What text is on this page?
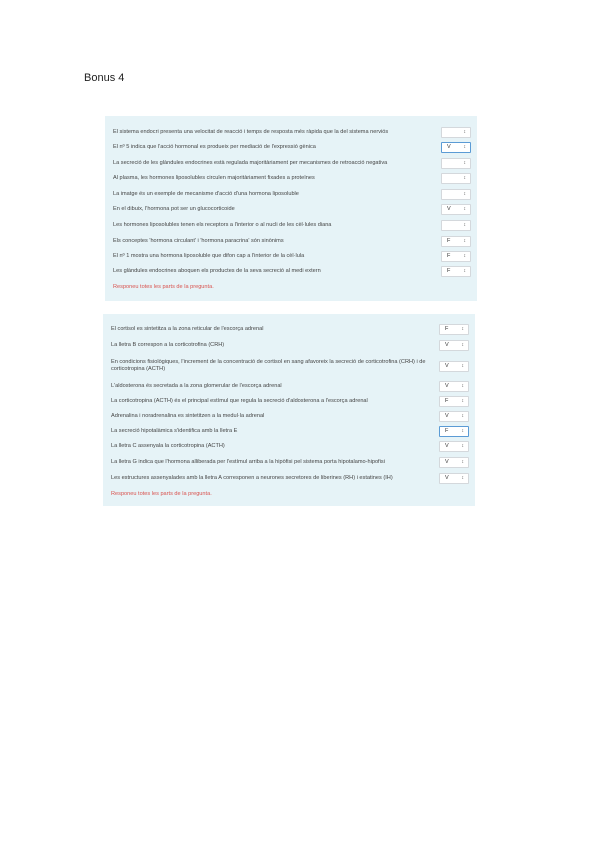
Bonus 4
El sistema endocri presenta una velocitat de reacció i temps de resposta més ràpida que la del sistema nerviós	↕
El nº 5 indica que l'acció hormonal es produeix per mediació de l'expressió gènica	V	↕
La secreció de les glàndules endocrines està regulada majoritàriament per mecanismes de retroacció negativa	↕
Al plasma, les hormones liposolubles circulen majoritàriament fixades a proteïnes	↕
La imatge és un exemple de mecanisme d'acció d'una hormona liposoluble	↕
En el dibuix, l'hormona pot ser un glucocorticoide	V	↕
Les hormones liposolubles tenen els receptors a l'interior o al nucli de les cèl·lules diana	↕
Els conceptes 'hormona circulant' i 'hormona paracrina' són sinònims	F	↕
El nº 1 mostra una hormona liposoluble que difon cap a l'interior de la cèl·lula	F	↕
Les glàndules endocrines aboquen els productes de la seva secreció al medi extern	F	↕
Responeu totes les parts de la pregunta.
El cortisol es sintetitza a la zona reticular de l'escorça adrenal	F	↕
La lletra B correspon a la corticotrofina (CRH)	V	↕
En condicions fisiològiques, l'increment de la concentració de cortisol en sang afavoreix la secreció de corticotrofina (CRH) i de corticotropina (ACTH)
V	↕
L'aldosterona és secretada a la zona glomerular de l'escorça adrenal	V	↕
La corticotropina (ACTH) és el principal estímul que regula la secreció d'aldosterona a l'escorça adrenal	F	↕
Adrenalina i noradrenalina es sintetitzen a la medul·la adrenal	V	↕
La secreció hipotalàmica s'identifica amb la lletra E	F	↕
La lletra C assenyala la corticotropina (ACTH)	V	↕
La lletra G indica que l'hormona alliberada per l'estímul arriba a la hipòfisi pel sistema porta hipotalamo-hipofisi	V	↕
Les estructures assenyalades amb la lletra A corresponen a neurones secretores de liberines (RH) i estatines (IH)	V	↕
Responeu totes les parts de la pregunta.
